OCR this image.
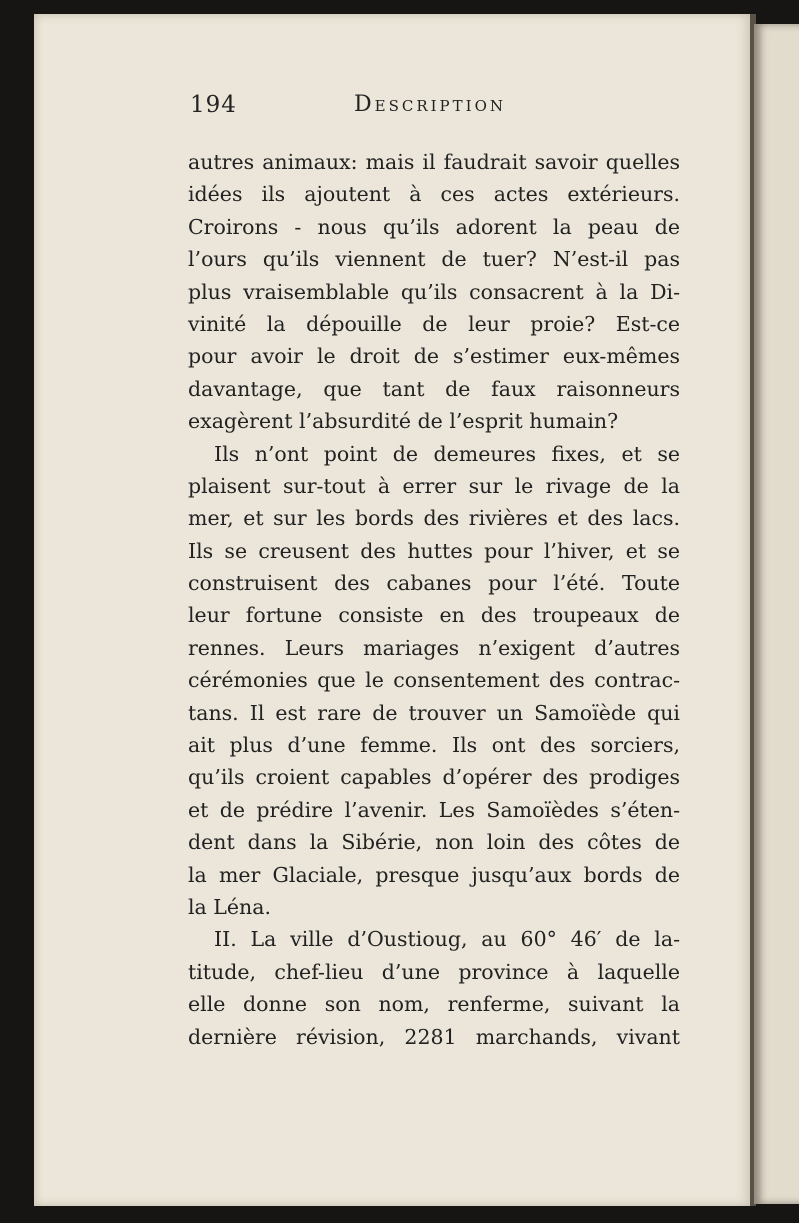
194	Description
autres animaux: mais il faudrait savoir quelles
idées ils ajoutent à ces actes extérieurs.
Croirons - nous qu’ils adorent la peau de
l’ours qu’ils viennent de tuer? N’est-il pas
plus vraisemblable qu’ils consacrent à la Di-
vinité la dépouille de leur proie? Est-ce
pour avoir le droit de s’estimer eux-mêmes
davantage, que tant de faux raisonneurs
exagèrent l’absurdité de l’esprit humain?
Ils n’ont point de demeures fixes, et se
plaisent sur-tout à errer sur le rivage de la
mer, et sur les bords des rivières et des lacs.
Ils se creusent des huttes pour l’hiver, et se
construisent des cabanes pour l’été. Toute
leur fortune consiste en des troupeaux de
rennes. Leurs mariages n’exigent d’autres
cérémonies que le consentement des contrac-
tans. Il est rare de trouver un Samoïède qui
ait plus d’une femme. Ils ont des sorciers,
qu’ils croient capables d’opérer des prodiges
et de prédire l’avenir. Les Samoïèdes s’éten-
dent dans la Sibérie, non loin des côtes de
la mer Glaciale, presque jusqu’aux bords de
la Léna.
II. La ville d’Oustioug, au 60° 46′ de la-
titude, chef-lieu d’une province à laquelle
elle donne son nom, renferme, suivant la
dernière révision, 2281 marchands, vivant
